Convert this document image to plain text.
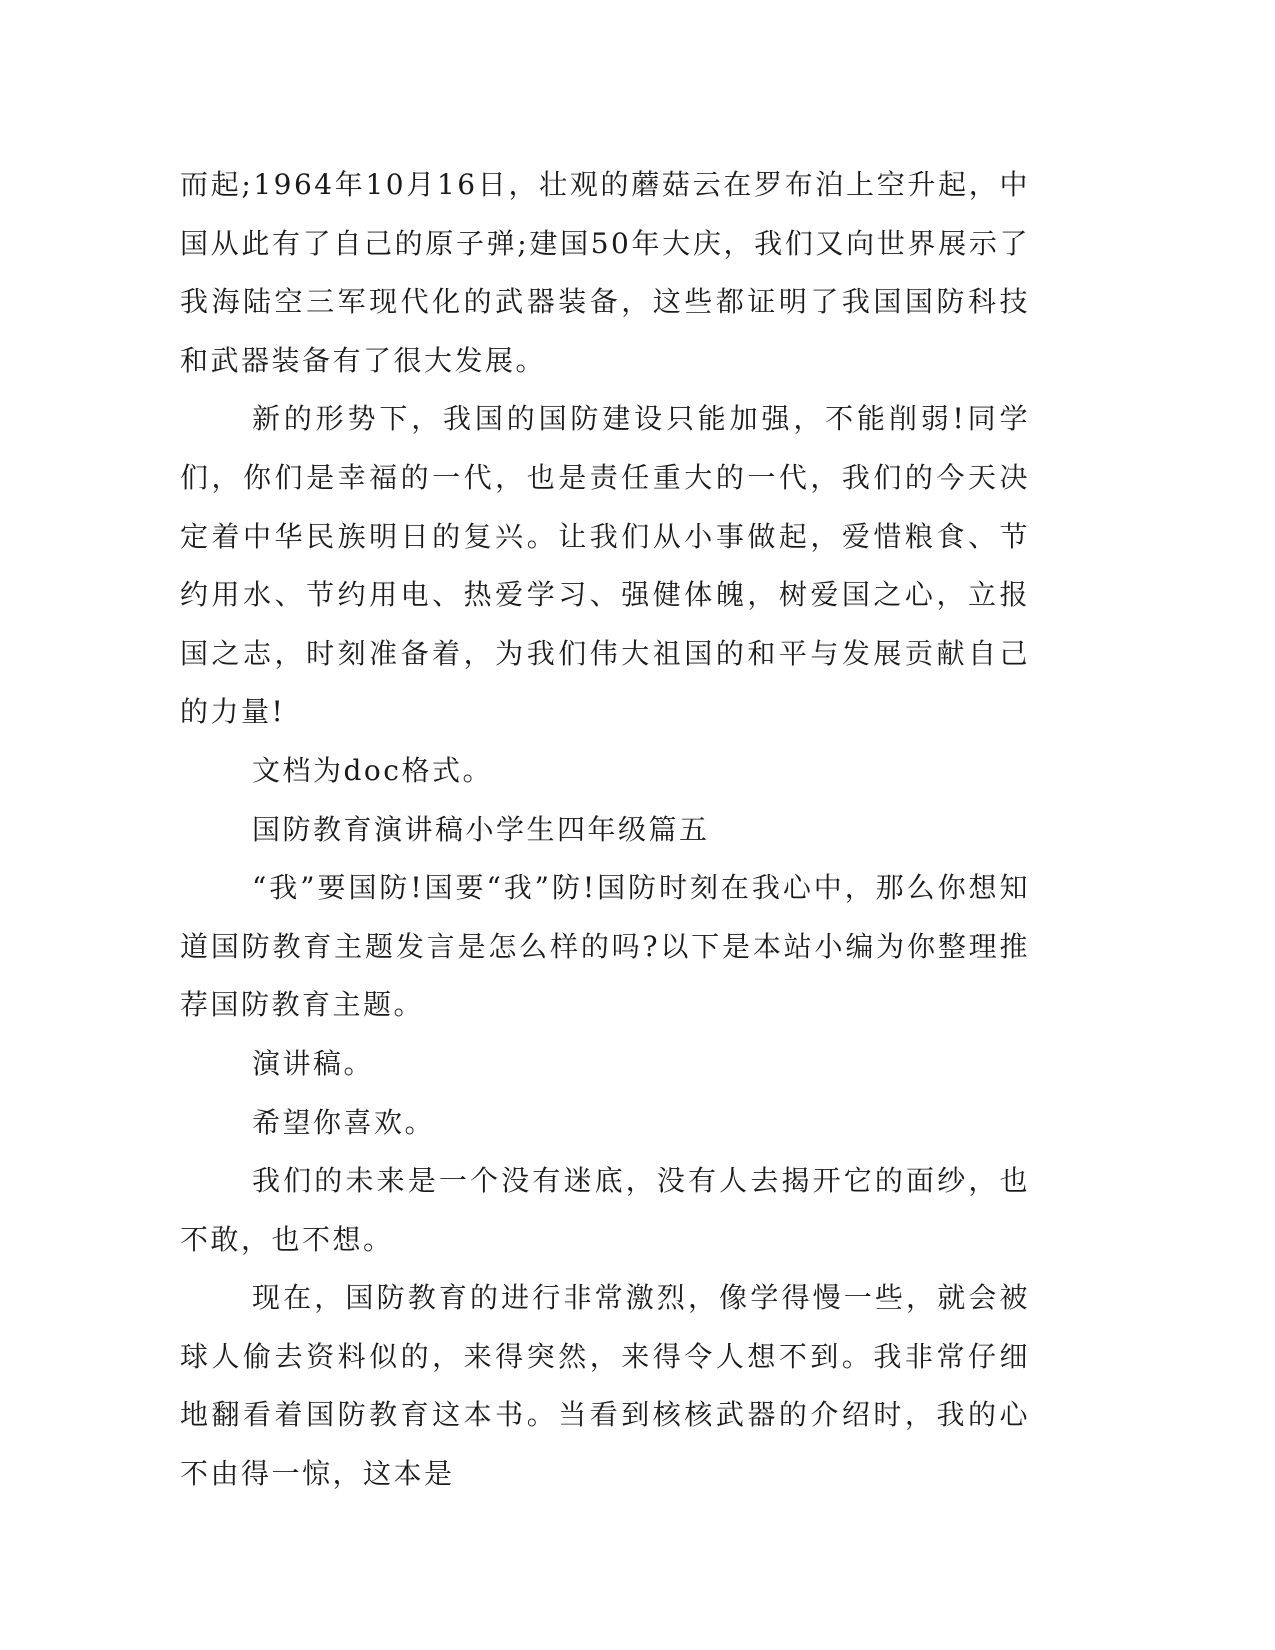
而起;1964年10月16日，壮观的蘑菇云在罗布泊上空升起，中国从此有了自己的原子弹;建国50年大庆，我们又向世界展示了我海陆空三军现代化的武器装备，这些都证明了我国国防科技和武器装备有了很大发展。

新的形势下，我国的国防建设只能加强，不能削弱!同学们，你们是幸福的一代，也是责任重大的一代，我们的今天决定着中华民族明日的复兴。让我们从小事做起，爱惜粮食、节约用水、节约用电、热爱学习、强健体魄，树爱国之心，立报国之志，时刻准备着，为我们伟大祖国的和平与发展贡献自己的力量!

文档为doc格式。

国防教育演讲稿小学生四年级篇五

“我”要国防!国要“我”防!国防时刻在我心中，那么你想知道国防教育主题发言是怎么样的吗?以下是本站小编为你整理推荐国防教育主题。

演讲稿。

希望你喜欢。

我们的未来是一个没有迷底，没有人去揭开它的面纱，也不敢，也不想。

现在，国防教育的进行非常激烈，像学得慢一些，就会被球人偷去资料似的，来得突然，来得令人想不到。我非常仔细地翻看着国防教育这本书。当看到核核武器的介绍时，我的心不由得一惊，这本是
